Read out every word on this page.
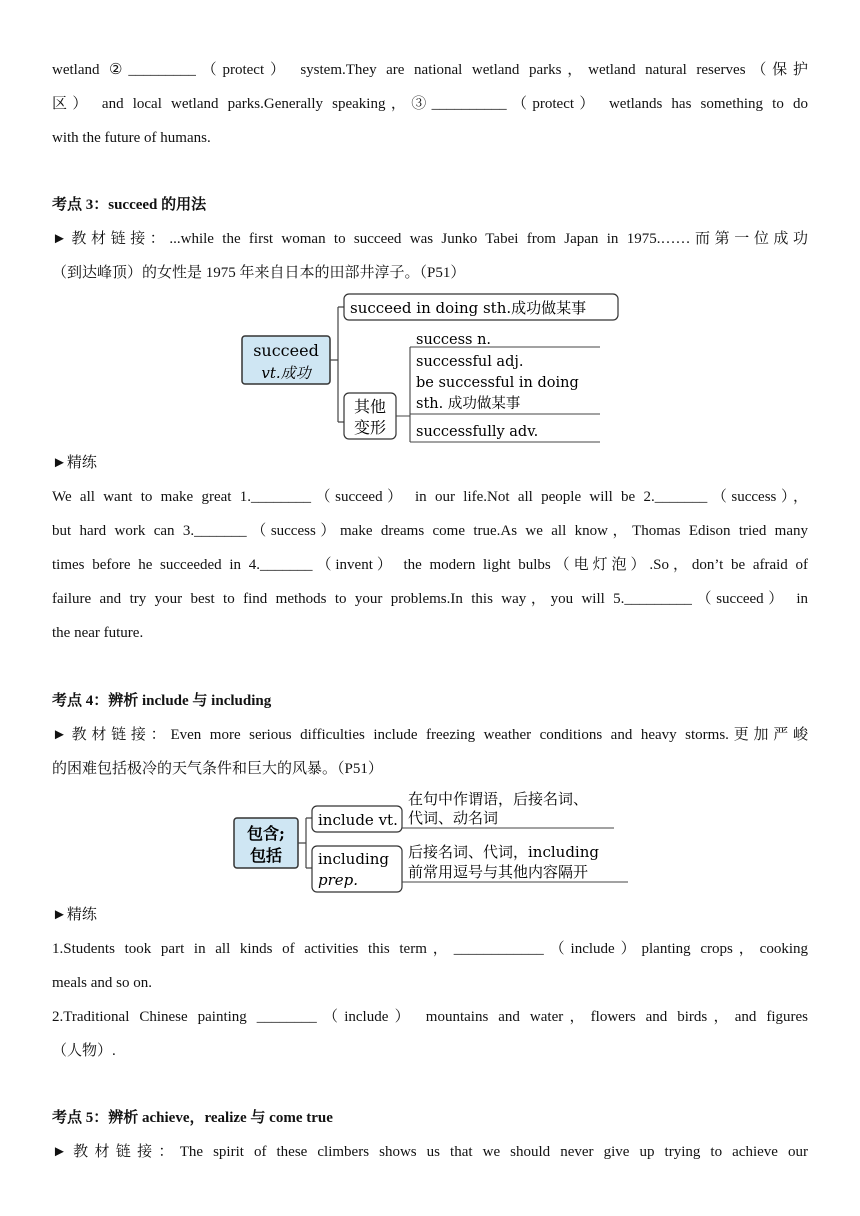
wetland ②_________（protect） system.They are national wetland parks，wetland natural reserves（保护
区） and local wetland parks.Generally speaking，③__________（protect） wetlands has something to do
with the future of humans.
考点 3：succeed 的用法
►教材链接：...while the first woman to succeed was Junko Tabei from Japan in 1975.……而第一位成功
（到达峰顶）的女性是 1975 年来自日本的田部井淳子。（P51）
succeed
vt.成功
succeed in doing sth.成功做某事
其他
变形
success n.
successful adj.
be successful in doing
sth. 成功做某事
successfully adv.
►精练
We all want to make great 1.________（succeed） in our life.Not all people will be 2._______（success），
but hard work can 3._______（success）make dreams come true.As we all know，Thomas Edison tried many
times before he succeeded in 4._______（invent） the modern light bulbs（电灯泡）.So，don’t be afraid of
failure and try your best to find methods to your problems.In this way，you will 5._________（succeed） in
the near future.
考点 4：辨析 include 与 including
►教材链接：Even more serious difficulties include freezing weather conditions and heavy storms.更加严峻
的困难包括极冷的天气条件和巨大的风暴。（P51）
包含;
包括
include vt.
在句中作谓语，后接名词、
代词、动名词
including
prep.
后接名词、代词，including
前常用逗号与其他内容隔开
►精练
1.Students took part in all kinds of activities this term，____________（include）planting crops，cooking
meals and so on.
2.Traditional Chinese painting ________（include） mountains and water，flowers and birds，and figures
（人物）.
考点 5：辨析 achieve，realize 与 come true
►教材链接：The spirit of these climbers shows us that we should never give up trying to achieve our
